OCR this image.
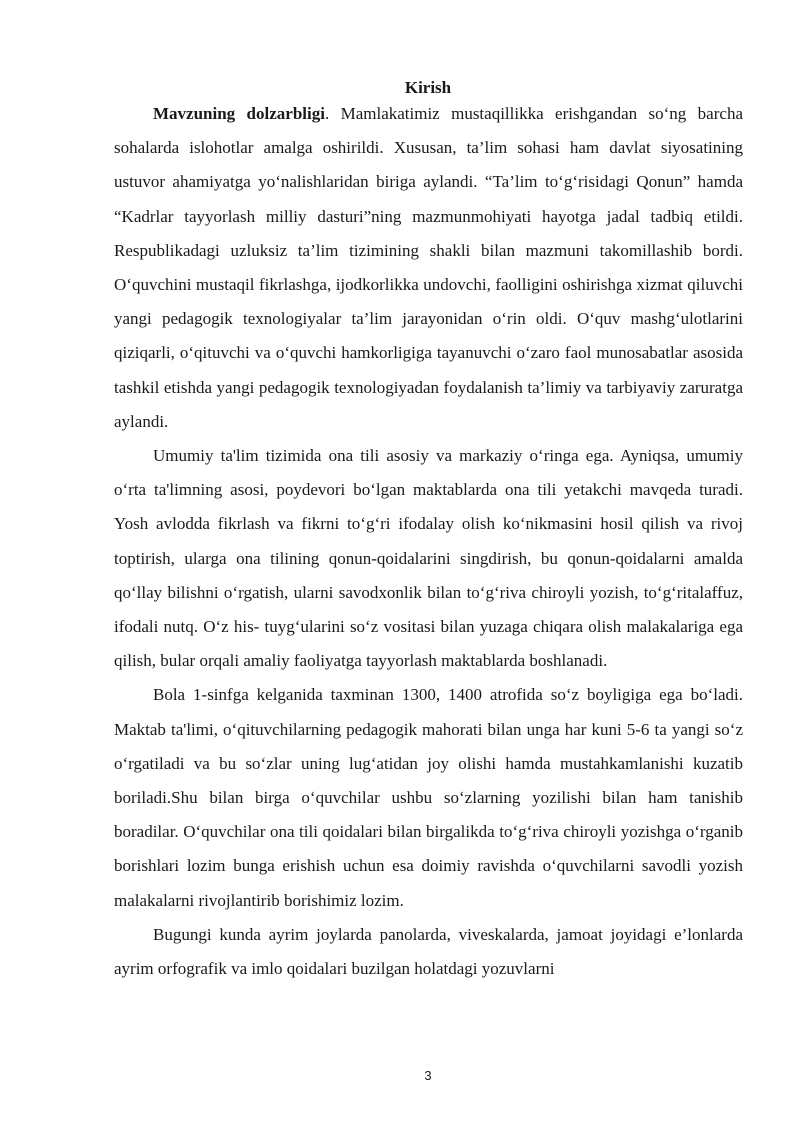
Kirish

Mavzuning dolzarbligi. Mamlakatimiz mustaqillikka erishgandan so‘ng barcha sohalarda islohotlar amalga oshirildi. Xususan, ta’lim sohasi ham davlat siyosatining ustuvor ahamiyatga yo‘nalishlaridan biriga aylandi. “Ta’lim to‘g‘risidagi Qonun” hamda “Kadrlar tayyorlash milliy dasturi”ning mazmunmohiyati hayotga jadal tadbiq etildi. Respublikadagi uzluksiz ta’lim tizimining shakli bilan mazmuni takomillashib bordi. O‘quvchini mustaqil fikrlashga, ijodkorlikka undovchi, faolligini oshirishga xizmat qiluvchi yangi pedagogik texnologiyalar ta’lim jarayonidan o‘rin oldi. O‘quv mashg‘ulotlarini qiziqarli, o‘qituvchi va o‘quvchi hamkorligiga tayanuvchi o‘zaro faol munosabatlar asosida tashkil etishda yangi pedagogik texnologiyadan foydalanish ta’limiy va tarbiyaviy zaruratga aylandi.

Umumiy ta'lim tizimida ona tili asosiy va markaziy o‘ringa ega. Ayniqsa, umumiy o‘rta ta'limning asosi, poydevori bo‘lgan maktablarda ona tili yetakchi mavqeda turadi. Yosh avlodda fikrlash va fikrni to‘g‘ri ifodalay olish ko‘nikmasini hosil qilish va rivoj toptirish, ularga ona tilining qonun-qoidalarini singdirish, bu qonun-qoidalarni amalda qo‘llay bilishni o‘rgatish, ularni savodxonlik bilan to‘g‘riva chiroyli yozish, to‘g‘ritalaffuz, ifodali nutq. O‘z his- tuyg‘ularini so‘z vositasi bilan yuzaga chiqara olish malakalariga ega qilish, bular orqali amaliy faoliyatga tayyorlash maktablarda boshlanadi.

Bola 1-sinfga kelganida taxminan 1300, 1400 atrofida so‘z boyligiga ega bo‘ladi. Maktab ta'limi, o‘qituvchilarning pedagogik mahorati bilan unga har kuni 5-6 ta yangi so‘z o‘rgatiladi va bu so‘zlar uning lug‘atidan joy olishi hamda mustahkamlanishi kuzatib boriladi.Shu bilan birga o‘quvchilar ushbu so‘zlarning yozilishi bilan ham tanishib boradilar. O‘quvchilar ona tili qoidalari bilan birgalikda to‘g‘riva chiroyli yozishga o‘rganib borishlari lozim bunga erishish uchun esa doimiy ravishda o‘quvchilarni savodli yozish malakalarni rivojlantirib borishimiz lozim.

Bugungi kunda ayrim joylarda panolarda, viveskalarda, jamoat joyidagi e’lonlarda ayrim orfografik va imlo qoidalari buzilgan holatdagi yozuvlarni

3
